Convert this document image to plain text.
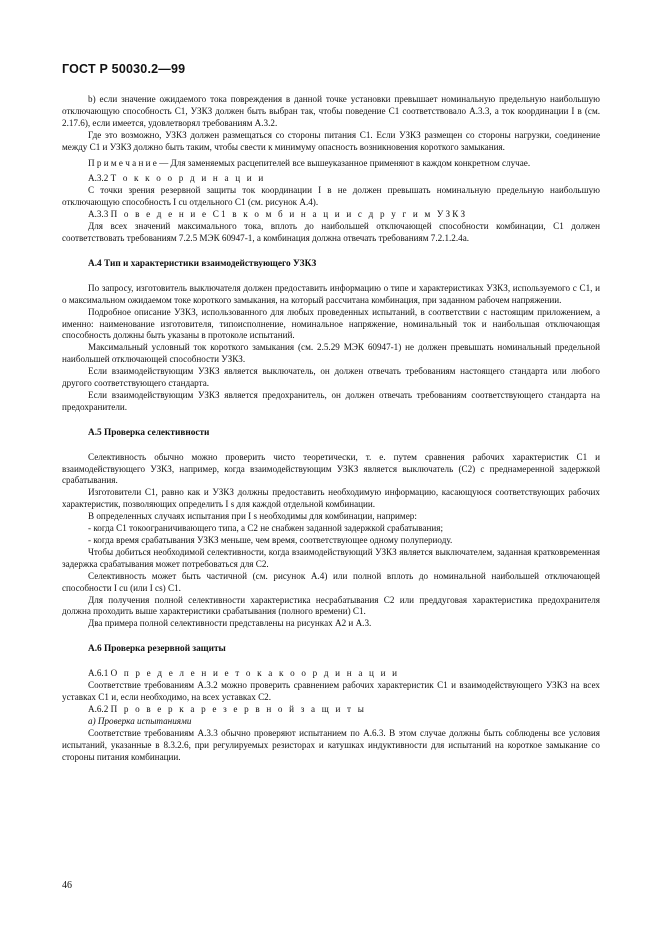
ГОСТ Р 50030.2—99

b) если значение ожидаемого тока повреждения в данной точке установки превышает номинальную предельную наибольшую отключающую способность C1, УЗКЗ должен быть выбран так, чтобы поведение C1 соответствовало А.3.3, а ток координации I в (см. 2.17.6), если имеется, удовлетворял требованиям А.3.2.

Где это возможно, УЗКЗ должен размещаться со стороны питания C1. Если УЗКЗ размещен со стороны нагрузки, соединение между C1 и УЗКЗ должно быть таким, чтобы свести к минимуму опасность возникновения короткого замыкания.

П р и м е ч а н и е — Для заменяемых расцепителей все вышеуказанное применяют в каждом конкретном случае.

А.3.2 Т о к к о о р д и н а ц и и

С точки зрения резервной защиты ток координации I в не должен превышать номинальную предельную наибольшую отключающую способность I cu отдельного C1 (см. рисунок А.4).

А.3.3 П о в е д е н и е C1 в к о м б и н а ц и и с д р у г и м УЗКЗ

Для всех значений максимального тока, вплоть до наибольшей отключающей способности комбинации, C1 должен соответствовать требованиям 7.2.5 МЭК 60947-1, а комбинация должна отвечать требованиям 7.2.1.2.4a.

А.4 Тип и характеристики взаимодействующего УЗКЗ

По запросу, изготовитель выключателя должен предоставить информацию о типе и характеристиках УЗКЗ, используемого с C1, и о максимальном ожидаемом токе короткого замыкания, на который рассчитана комбинация, при заданном рабочем напряжении.

Подробное описание УЗКЗ, использованного для любых проведенных испытаний, в соответствии с настоящим приложением, а именно: наименование изготовителя, типоисполнение, номинальное напряжение, номинальный ток и наибольшая отключающая способность должны быть указаны в протоколе испытаний.

Максимальный условный ток короткого замыкания (см. 2.5.29 МЭК 60947-1) не должен превышать номинальный предельной наибольшей отключающей способности УЗКЗ.

Если взаимодействующим УЗКЗ является выключатель, он должен отвечать требованиям настоящего стандарта или любого другого соответствующего стандарта.

Если взаимодействующим УЗКЗ является предохранитель, он должен отвечать требованиям соответствующего стандарта на предохранители.

А.5 Проверка селективности

Селективность обычно можно проверить чисто теоретически, т. е. путем сравнения рабочих характеристик C1 и взаимодействующего УЗКЗ, например, когда взаимодействующим УЗКЗ является выключатель (C2) с преднамеренной задержкой срабатывания.

Изготовители C1, равно как и УЗКЗ должны предоставить необходимую информацию, касающуюся соответствующих рабочих характеристик, позволяющих определить I s для каждой отдельной комбинации.

В определенных случаях испытания при I s необходимы для комбинации, например:

- когда C1 токоограничивающего типа, а C2 не снабжен заданной задержкой срабатывания;

- когда время срабатывания УЗКЗ меньше, чем время, соответствующее одному полупериоду.

Чтобы добиться необходимой селективности, когда взаимодействующий УЗКЗ является выключателем, заданная кратковременная задержка срабатывания может потребоваться для C2.

Селективность может быть частичной (см. рисунок А.4) или полной вплоть до номинальной наибольшей отключающей способности I cu (или I cs) C1.

Для получения полной селективности характеристика несрабатывания C2 или преддуговая характеристика предохранителя должна проходить выше характеристики срабатывания (полного времени) C1.

Два примера полной селективности представлены на рисунках А2 и А.3.

А.6 Проверка резервной защиты

А.6.1 О п р е д е л е н и е т о к а к о о р д и н а ц и и

Соответствие требованиям А.3.2 можно проверить сравнением рабочих характеристик C1 и взаимодействующего УЗКЗ на всех уставках C1 и, если необходимо, на всех уставках C2.

А.6.2 П р о в е р к а р е з е р в н о й з а щ и т ы

а) Проверка испытаниями

Соответствие требованиям А.3.3 обычно проверяют испытанием по А.6.3. В этом случае должны быть соблюдены все условия испытаний, указанные в 8.3.2.6, при регулируемых резисторах и катушках индуктивности для испытаний на короткое замыкание со стороны питания комбинации.

46
